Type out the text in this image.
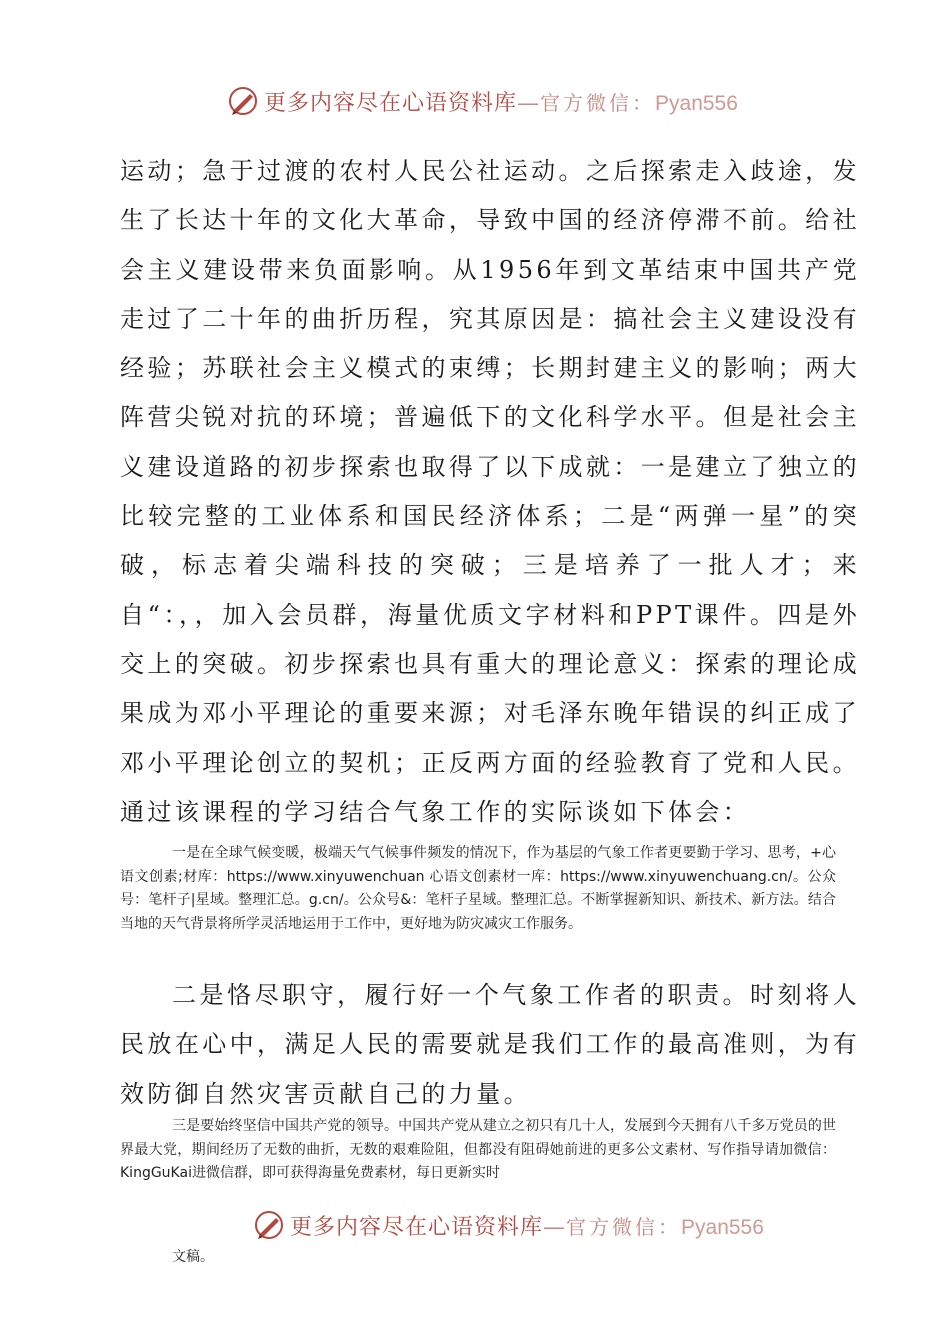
更多内容尽在心语资料库—官方微信：Pyan556

运动；急于过渡的农村人民公社运动。之后探索走入歧途，发生了长达十年的文化大革命，导致中国的经济停滞不前。给社会主义建设带来负面影响。从1956年到文革结束中国共产党走过了二十年的曲折历程，究其原因是：搞社会主义建设没有经验；苏联社会主义模式的束缚；长期封建主义的影响；两大阵营尖锐对抗的环境；普遍低下的文化科学水平。但是社会主义建设道路的初步探索也取得了以下成就：一是建立了独立的比较完整的工业体系和国民经济体系；二是“两弹一星”的突破，标志着尖端科技的突破；三是培养了一批人才；来自“：，，加入会员群，海量优质文字材料和PPT课件。四是外交上的突破。初步探索也具有重大的理论意义：探索的理论成果成为邓小平理论的重要来源；对毛泽东晚年错误的纠正成了邓小平理论创立的契机；正反两方面的经验教育了党和人民。通过该课程的学习结合气象工作的实际谈如下体会：

一是在全球气候变暖，极端天气气候事件频发的情况下，作为基层的气象工作者更要勤于学习、思考，+心语文创素;材库：https://www.xinyuwenchuan 心语文创素材一库：https://www.xinyuwenchuang.cn/。公众号：笔杆子|星域。整理汇总。g.cn/。公众号&：笔杆子星域。整理汇总。不断掌握新知识、新技术、新方法。结合当地的天气背景将所学灵活地运用于工作中，更好地为防灾减灾工作服务。

二是恪尽职守，履行好一个气象工作者的职责。时刻将人民放在心中，满足人民的需要就是我们工作的最高准则，为有效防御自然灾害贡献自己的力量。

三是要始终坚信中国共产党的领导。中国共产党从建立之初只有几十人，发展到今天拥有八千多万党员的世界最大党，期间经历了无数的曲折，无数的艰难险阻，但都没有阻碍她前进的更多公文素材、写作指导请加微信：KingGuKai进微信群，即可获得海量免费素材，每日更新实时

更多内容尽在心语资料库—官方微信：Pyan556
文稿。
